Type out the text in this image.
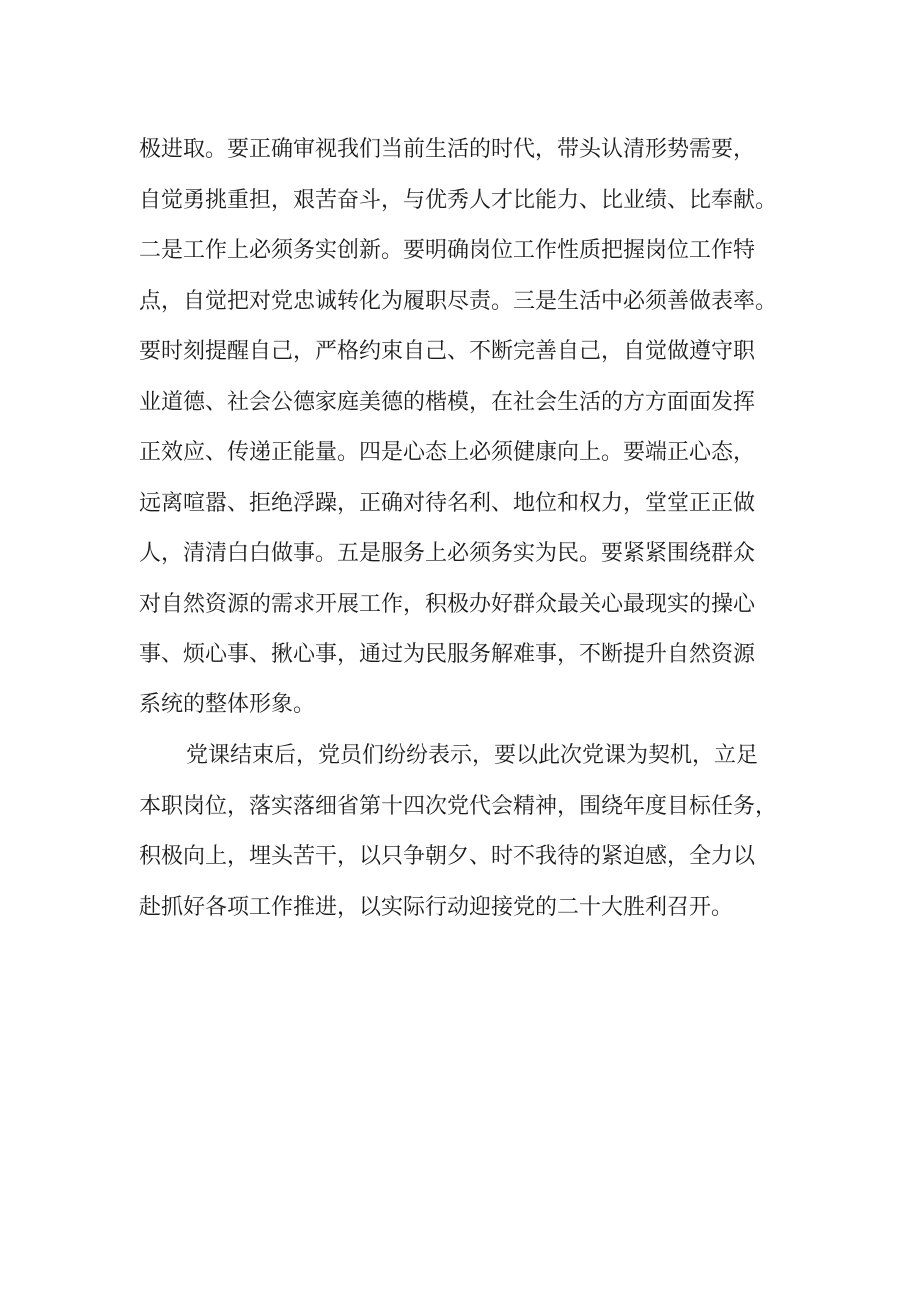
极进取。要正确审视我们当前生活的时代，带头认清形势需要，
自觉勇挑重担，艰苦奋斗，与优秀人才比能力、比业绩、比奉献。
二是工作上必须务实创新。要明确岗位工作性质把握岗位工作特
点，自觉把对党忠诚转化为履职尽责。三是生活中必须善做表率。
要时刻提醒自己，严格约束自己、不断完善自己，自觉做遵守职
业道德、社会公德家庭美德的楷模，在社会生活的方方面面发挥
正效应、传递正能量。四是心态上必须健康向上。要端正心态，
远离喧嚣、拒绝浮躁，正确对待名利、地位和权力，堂堂正正做
人，清清白白做事。五是服务上必须务实为民。要紧紧围绕群众
对自然资源的需求开展工作，积极办好群众最关心最现实的操心
事、烦心事、揪心事，通过为民服务解难事，不断提升自然资源
系统的整体形象。
党课结束后，党员们纷纷表示，要以此次党课为契机，立足
本职岗位，落实落细省第十四次党代会精神，围绕年度目标任务，
积极向上，埋头苦干，以只争朝夕、时不我待的紧迫感，全力以
赴抓好各项工作推进，以实际行动迎接党的二十大胜利召开。
